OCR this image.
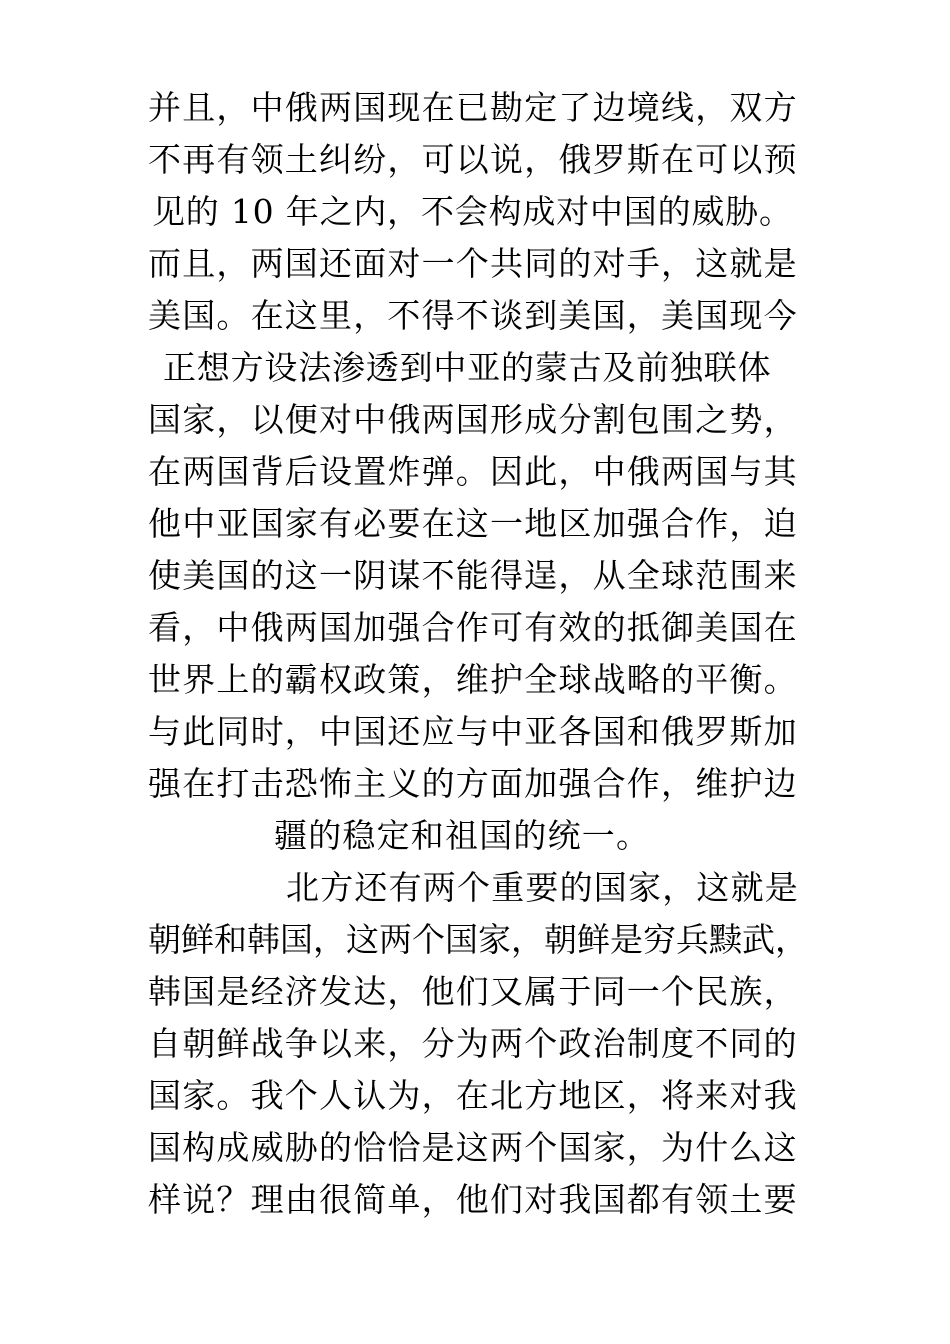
并且，中俄两国现在已勘定了边境线，双方
不再有领土纠纷，可以说，俄罗斯在可以预
见的 10 年之内，不会构成对中国的威胁。
而且，两国还面对一个共同的对手，这就是
美国。在这里，不得不谈到美国，美国现今
正想方设法渗透到中亚的蒙古及前独联体
国家，以便对中俄两国形成分割包围之势，
在两国背后设置炸弹。因此，中俄两国与其
他中亚国家有必要在这一地区加强合作，迫
使美国的这一阴谋不能得逞，从全球范围来
看，中俄两国加强合作可有效的抵御美国在
世界上的霸权政策，维护全球战略的平衡。
与此同时，中国还应与中亚各国和俄罗斯加
强在打击恐怖主义的方面加强合作，维护边
疆的稳定和祖国的统一。
北方还有两个重要的国家，这就是
朝鲜和韩国，这两个国家，朝鲜是穷兵黩武，
韩国是经济发达，他们又属于同一个民族，
自朝鲜战争以来，分为两个政治制度不同的
国家。我个人认为，在北方地区，将来对我
国构成威胁的恰恰是这两个国家，为什么这
样说？理由很简单，他们对我国都有领土要
